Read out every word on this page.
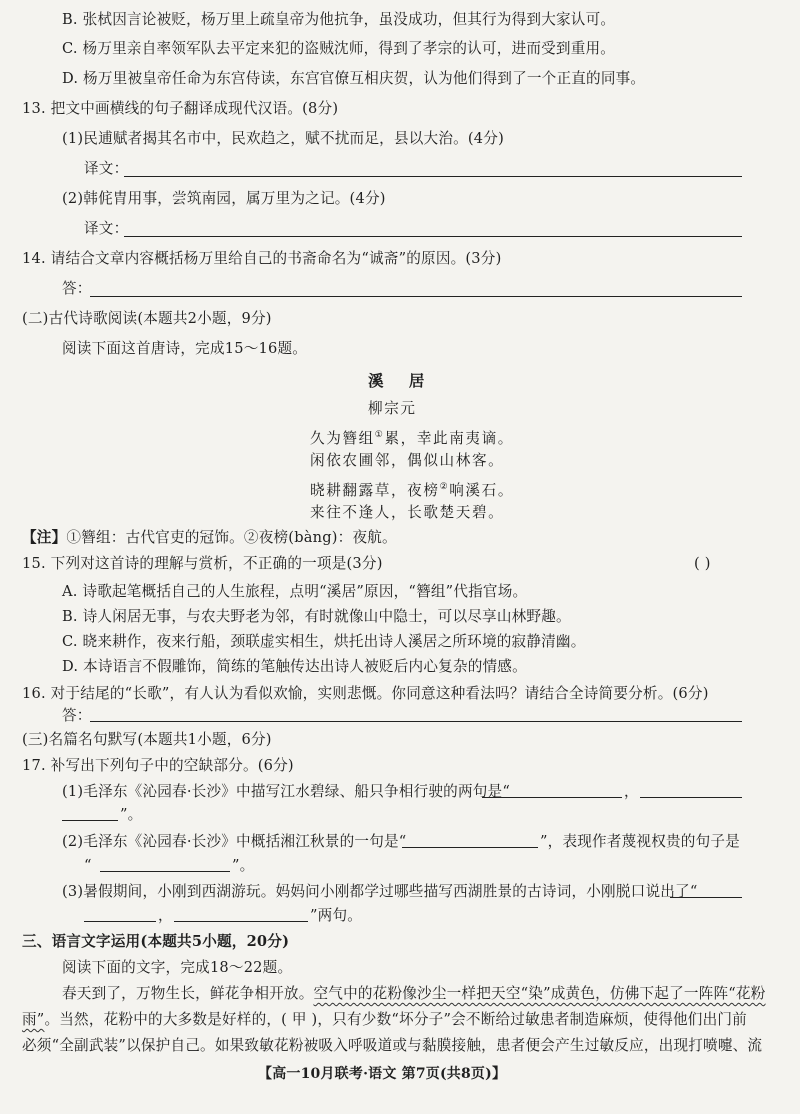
B. 张栻因言论被贬，杨万里上疏皇帝为他抗争，虽没成功，但其行为得到大家认可。
C. 杨万里亲自率领军队去平定来犯的盗贼沈师，得到了孝宗的认可，进而受到重用。
D. 杨万里被皇帝任命为东宫侍读，东宫官僚互相庆贺，认为他们得到了一个正直的同事。
13. 把文中画横线的句子翻译成现代汉语。(8分)
(1)民逋赋者揭其名市中，民欢趋之，赋不扰而足，县以大治。(4分)
译文：
(2)韩侂胄用事，尝筑南园，属万里为之记。(4分)
译文：
14. 请结合文章内容概括杨万里给自己的书斋命名为“诚斋”的原因。(3分)
答：
(二)古代诗歌阅读(本题共2小题，9分)
阅读下面这首唐诗，完成15～16题。
溪 居
柳宗元
久为簪组①累，幸此南夷谪。
闲依农圃邻，偶似山林客。
晓耕翻露草，夜榜②响溪石。
来往不逢人，长歌楚天碧。
【注】①簪组：古代官吏的冠饰。②夜榜(bàng)：夜航。
15. 下列对这首诗的理解与赏析，不正确的一项是(3分)	( )
A. 诗歌起笔概括自己的人生旅程，点明“溪居”原因，“簪组”代指官场。
B. 诗人闲居无事，与农夫野老为邻，有时就像山中隐士，可以尽享山林野趣。
C. 晓来耕作，夜来行船，颈联虚实相生，烘托出诗人溪居之所环境的寂静清幽。
D. 本诗语言不假雕饰，简练的笔触传达出诗人被贬后内心复杂的情感。
16. 对于结尾的“长歌”，有人认为看似欢愉，实则悲慨。你同意这种看法吗？请结合全诗简要分析。(6分)
答：
(三)名篇名句默写(本题共1小题，6分)
17. 补写出下列句子中的空缺部分。(6分)
(1)毛泽东《沁园春·长沙》中描写江水碧绿、船只争相行驶的两句是“	，
”。
(2)毛泽东《沁园春·长沙》中概括湘江秋景的一句是“	”，表现作者蔑视权贵的句子是
“	”。
(3)暑假期间，小刚到西湖游玩。妈妈问小刚都学过哪些描写西湖胜景的古诗词，小刚脱口说出了“
，	”两句。
三、语言文字运用(本题共5小题，20分)
阅读下面的文字，完成18～22题。
春天到了，万物生长，鲜花争相开放。空气中的花粉像沙尘一样把天空“染”成黄色，仿佛下起了一阵阵“花粉
雨”。当然，花粉中的大多数是好样的，( 甲 )，只有少数“坏分子”会不断给过敏患者制造麻烦，使得他们出门前
必须“全副武装”以保护自己。如果致敏花粉被吸入呼吸道或与黏膜接触，患者便会产生过敏反应，出现打喷嚏、流
【高一10月联考·语文 第7页(共8页)】
